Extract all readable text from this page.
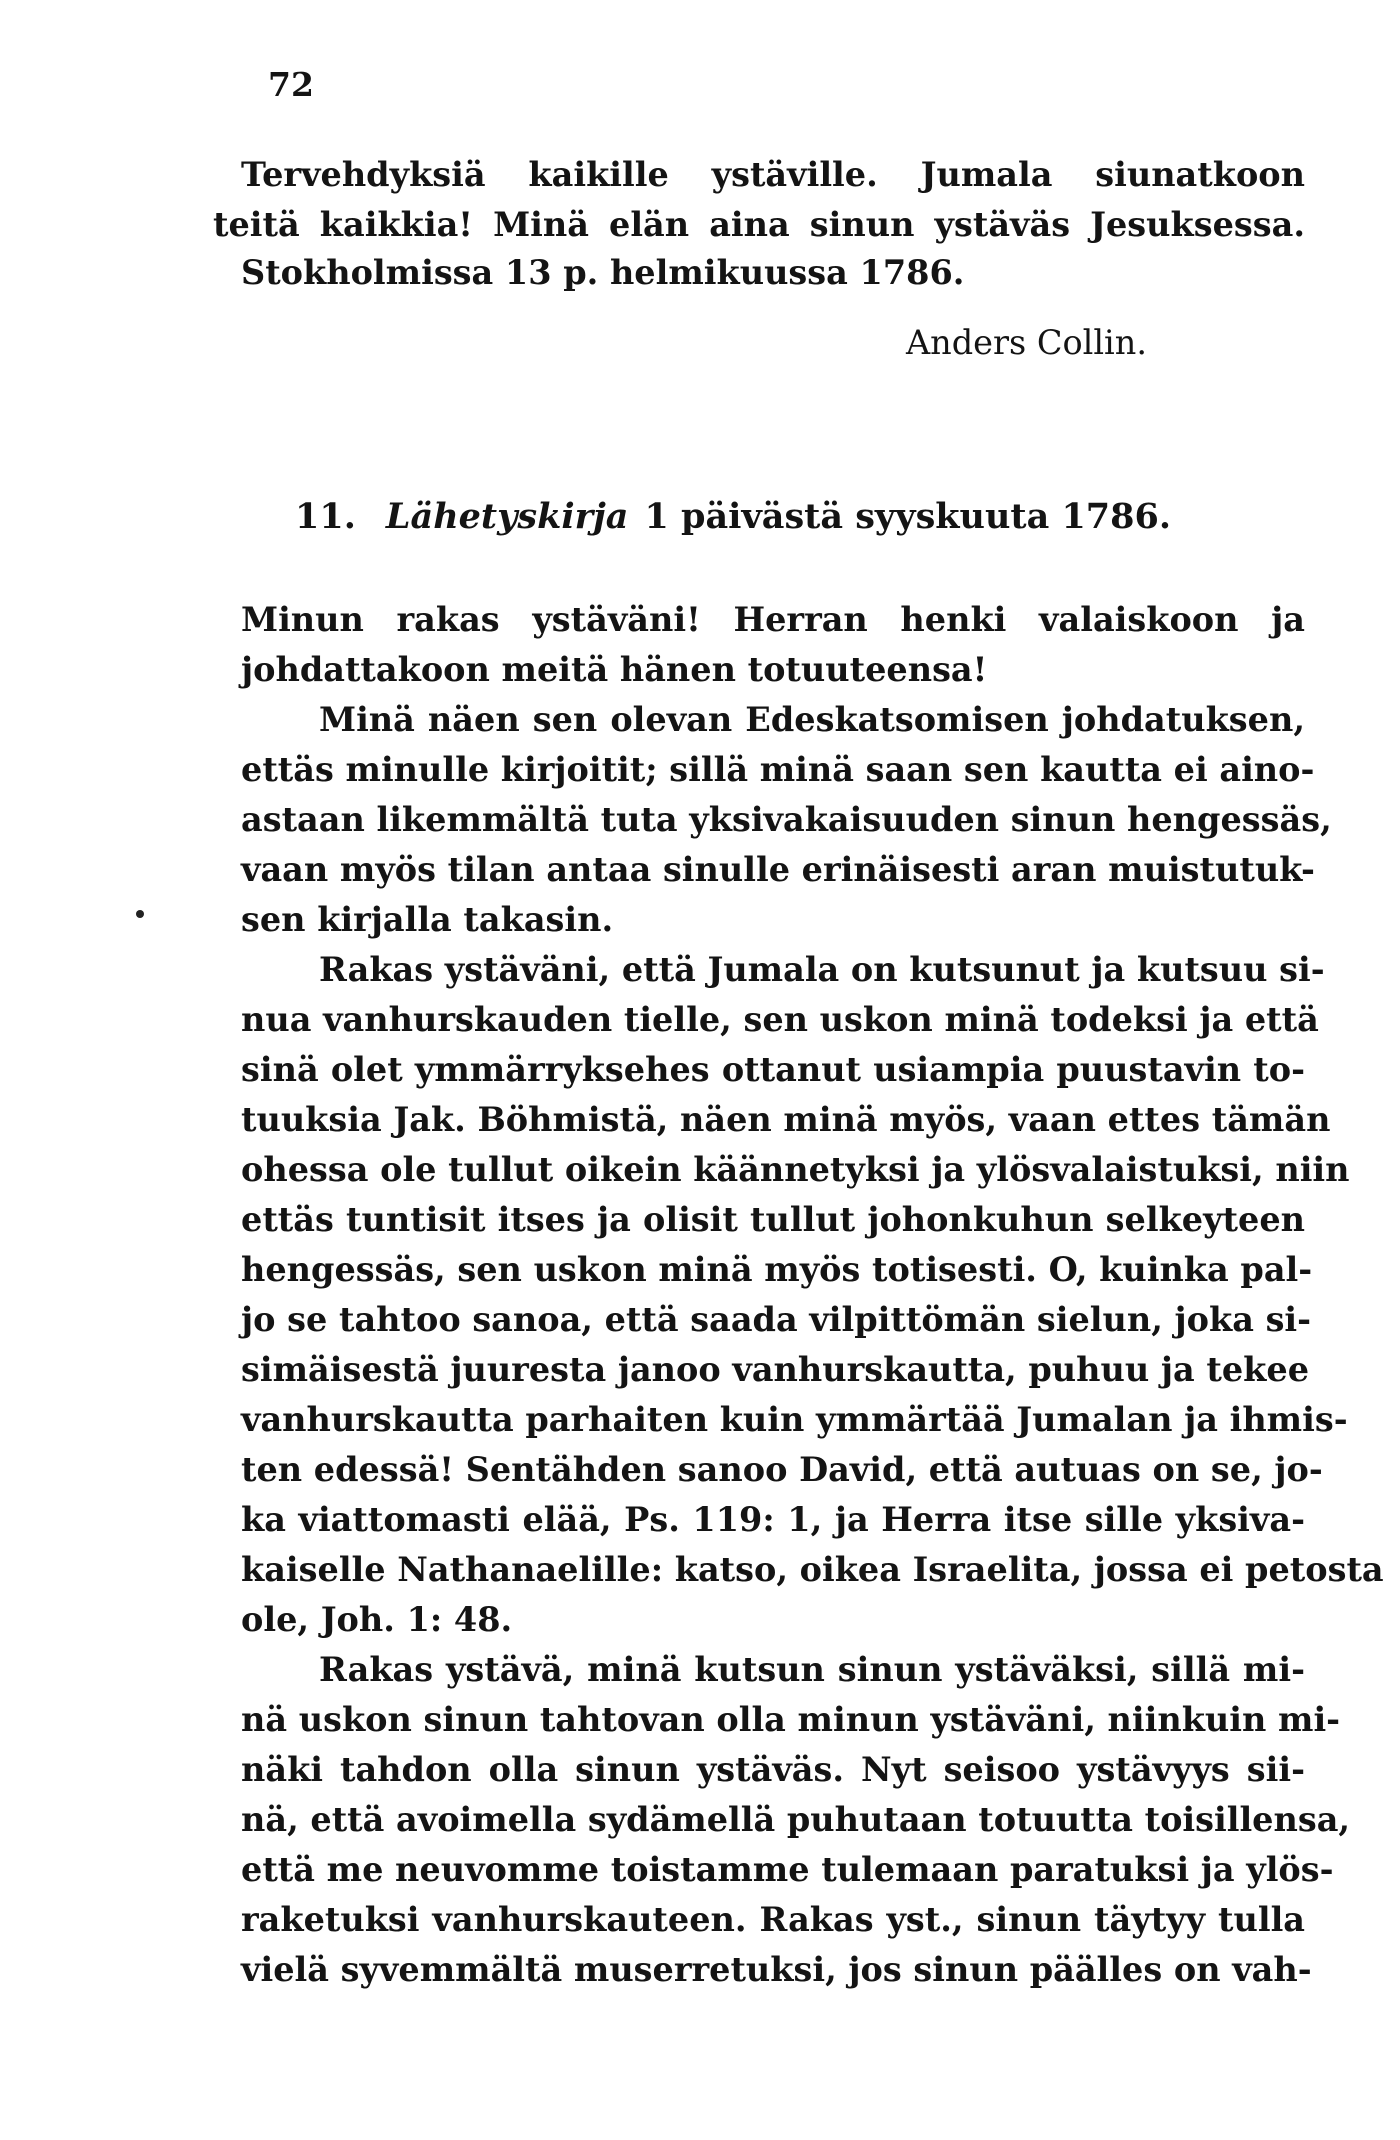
72
Tervehdyksiä kaikille ystäville. Jumala siunatkoon
teitä kaikkia! Minä elän aina sinun ystäväs Jesuksessa.
Stokholmissa 13 p. helmikuussa 1786.
Anders Collin.
11. Lähetyskirja 1 päivästä syyskuuta 1786.
Minun rakas ystäväni! Herran henki valaiskoon ja
johdattakoon meitä hänen totuuteensa!
Minä näen sen olevan Edeskatsomisen johdatuksen,
ettäs minulle kirjoitit; sillä minä saan sen kautta ei aino-
astaan likemmältä tuta yksivakaisuuden sinun hengessäs,
vaan myös tilan antaa sinulle erinäisesti aran muistutuk-
sen kirjalla takasin.
Rakas ystäväni, että Jumala on kutsunut ja kutsuu si-
nua vanhurskauden tielle, sen uskon minä todeksi ja että
sinä olet ymmärryksehes ottanut usiampia puustavin to-
tuuksia Jak. Böhmistä, näen minä myös, vaan ettes tämän
ohessa ole tullut oikein käännetyksi ja ylösvalaistuksi, niin
ettäs tuntisit itses ja olisit tullut johonkuhun selkeyteen
hengessäs, sen uskon minä myös totisesti. O, kuinka pal-
jo se tahtoo sanoa, että saada vilpittömän sielun, joka si-
simäisestä juuresta janoo vanhurskautta, puhuu ja tekee
vanhurskautta parhaiten kuin ymmärtää Jumalan ja ihmis-
ten edessä! Sentähden sanoo David, että autuas on se, jo-
ka viattomasti elää, Ps. 119: 1, ja Herra itse sille yksiva-
kaiselle Nathanaelille: katso, oikea Israelita, jossa ei petosta
ole, Joh. 1: 48.
Rakas ystävä, minä kutsun sinun ystäväksi, sillä mi-
nä uskon sinun tahtovan olla minun ystäväni, niinkuin mi-
näki tahdon olla sinun ystäväs. Nyt seisoo ystävyys sii-
nä, että avoimella sydämellä puhutaan totuutta toisillensa,
että me neuvomme toistamme tulemaan paratuksi ja ylös-
raketuksi vanhurskauteen. Rakas yst., sinun täytyy tulla
vielä syvemmältä muserretuksi, jos sinun päälles on vah-
